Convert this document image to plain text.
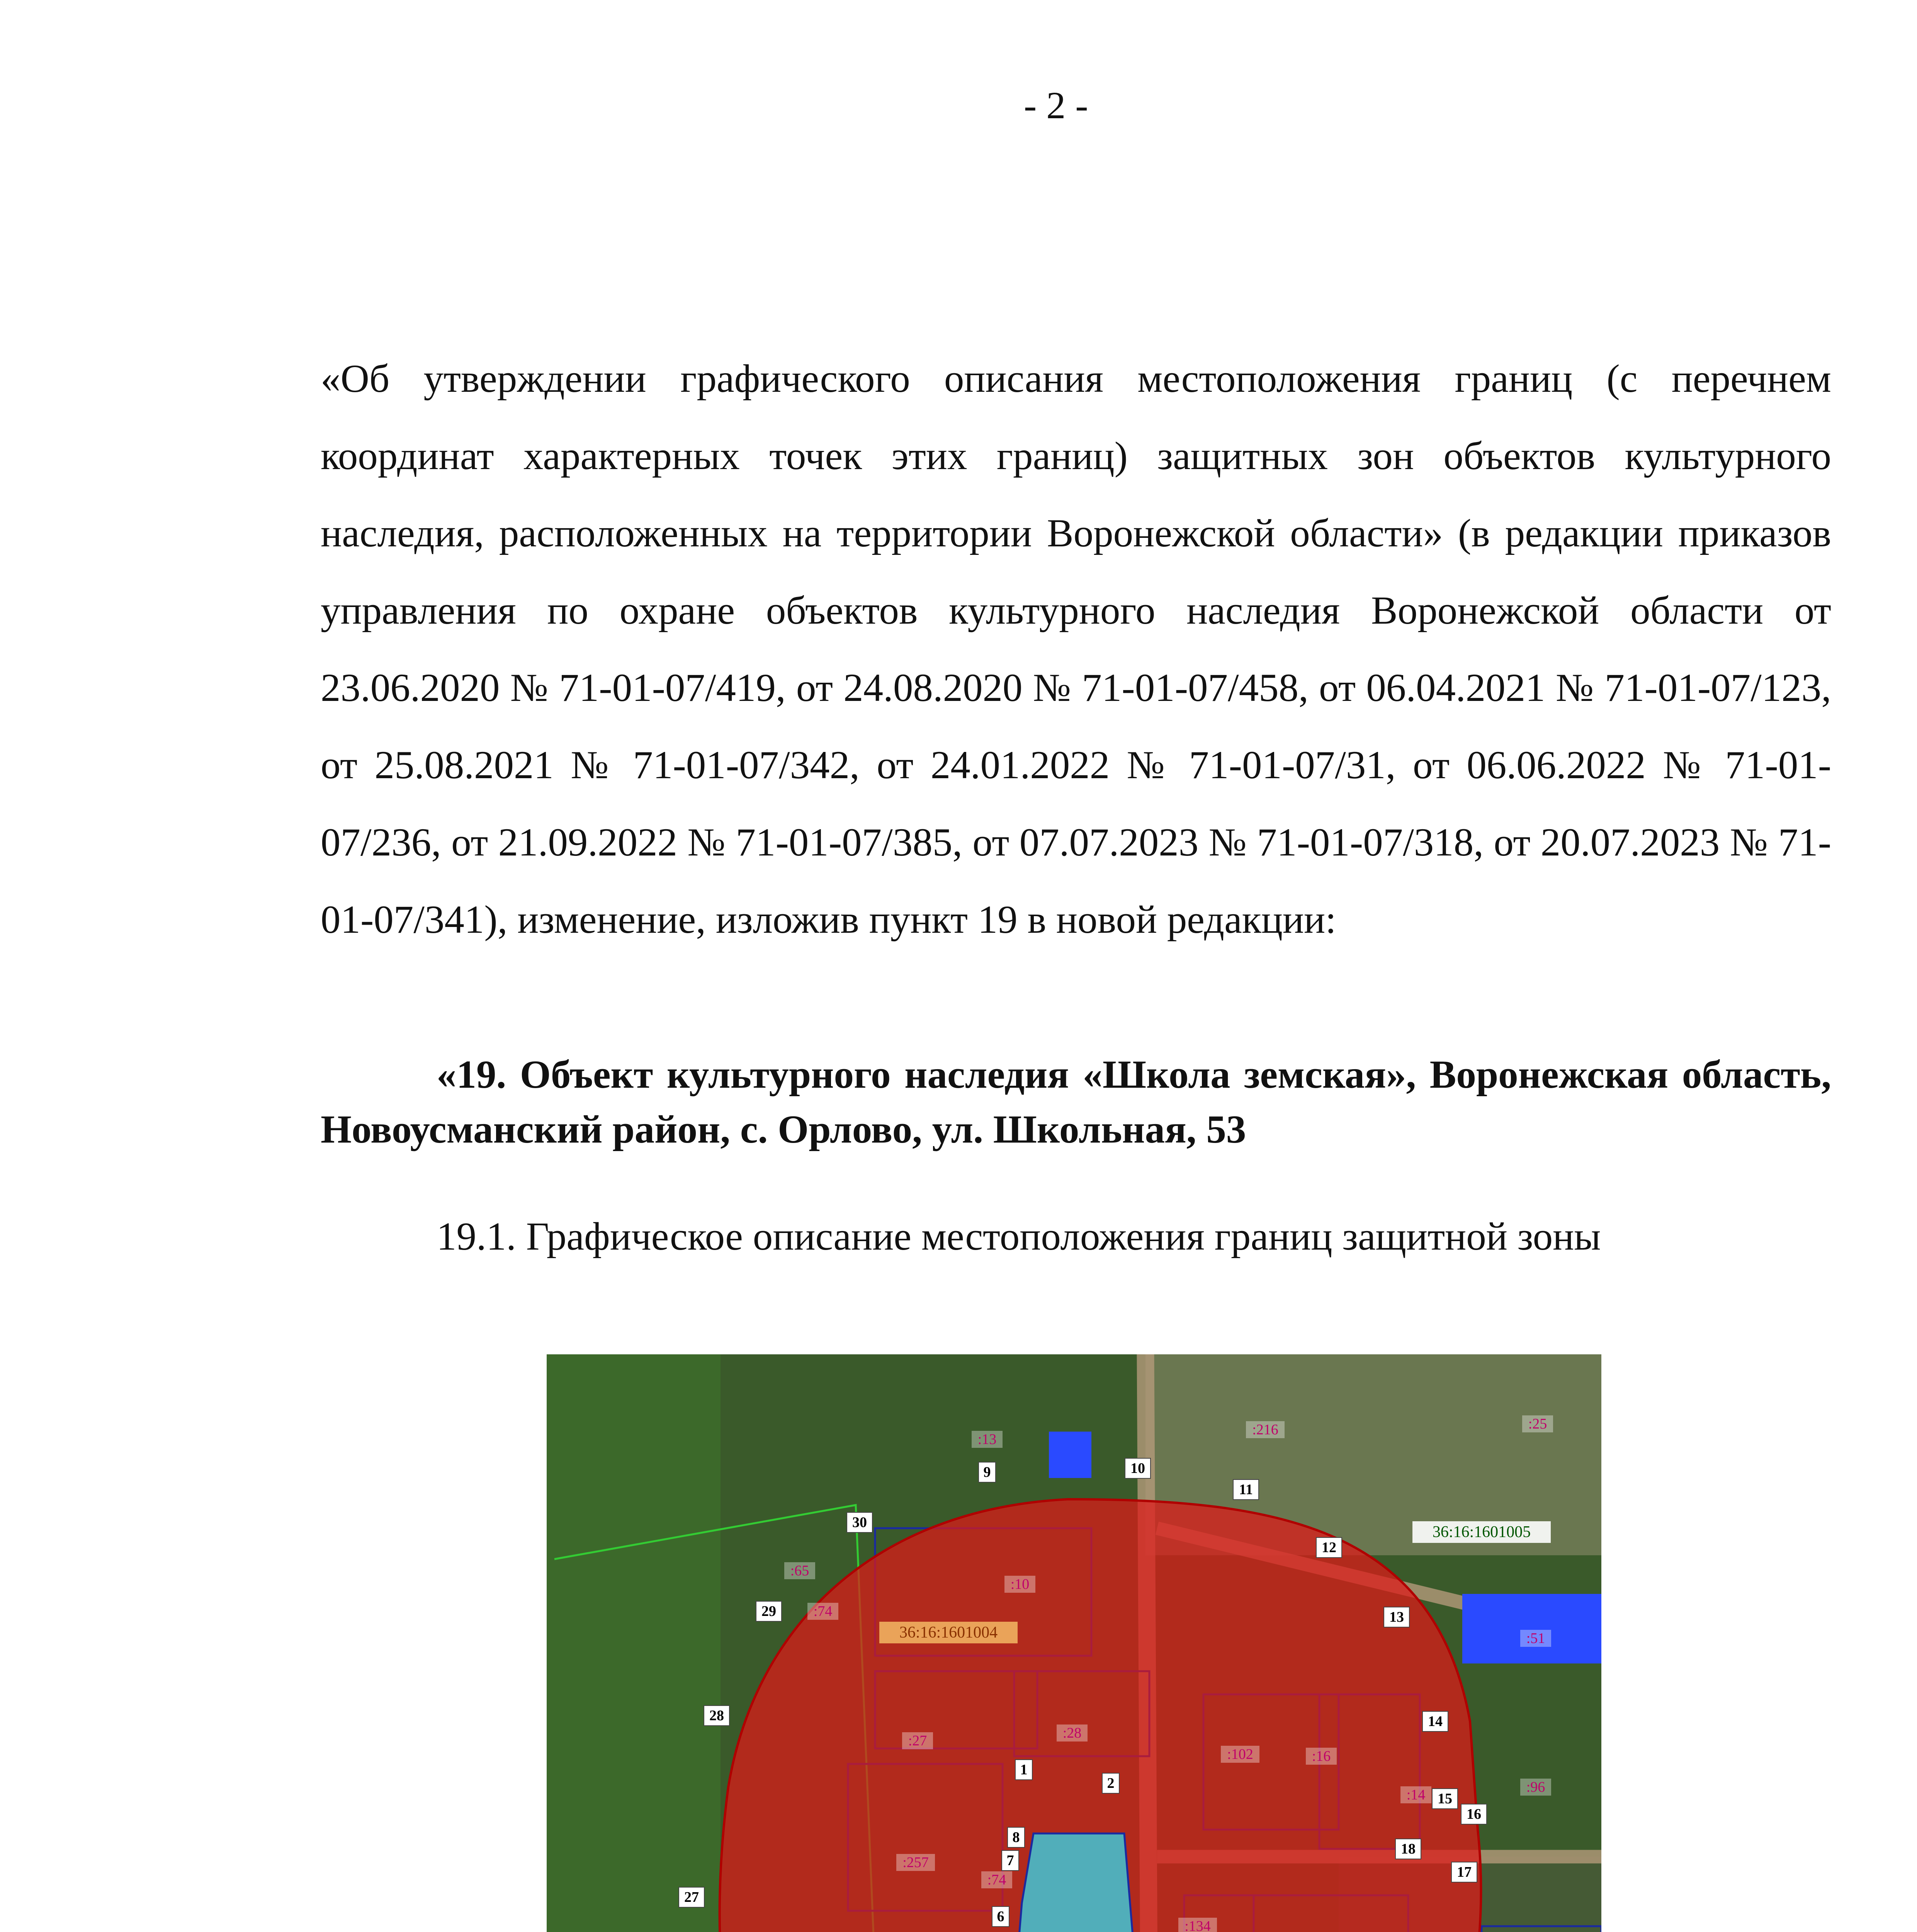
- 2 -

«Об утверждении графического описания местоположения границ (с перечнем координат характерных точек этих границ) защитных зон объектов культурного наследия, расположенных на территории Воронежской области» (в редакции приказов управления по охране объектов культурного наследия Воронежской области от 23.06.2020 № 71-01-07/419, от 24.08.2020 № 71-01-07/458, от 06.04.2021 № 71-01-07/123, от 25.08.2021 № 71-01-07/342, от 24.01.2022 № 71-01-07/31, от 06.06.2022 № 71-01-07/236, от 21.09.2022 № 71-01-07/385, от 07.07.2023 № 71-01-07/318, от 20.07.2023 № 71-01-07/341), изменение, изложив пункт 19 в новой редакции:

«19. Объект культурного наследия «Школа земская», Воронежская область, Новоусманский район, с. Орлово, ул. Школьная, 53

19.1. Графическое описание местоположения границ защитной зоны

1
2
6
7
8
9	10
11
12
13
14
15
16
17
18
27
28
29
30
:13
:216	:25
:65
:74
:10
:51
:27	:28
:102	:16
:14	:96
:74
:257
:134
36:16:1601005
36:16:1601004
